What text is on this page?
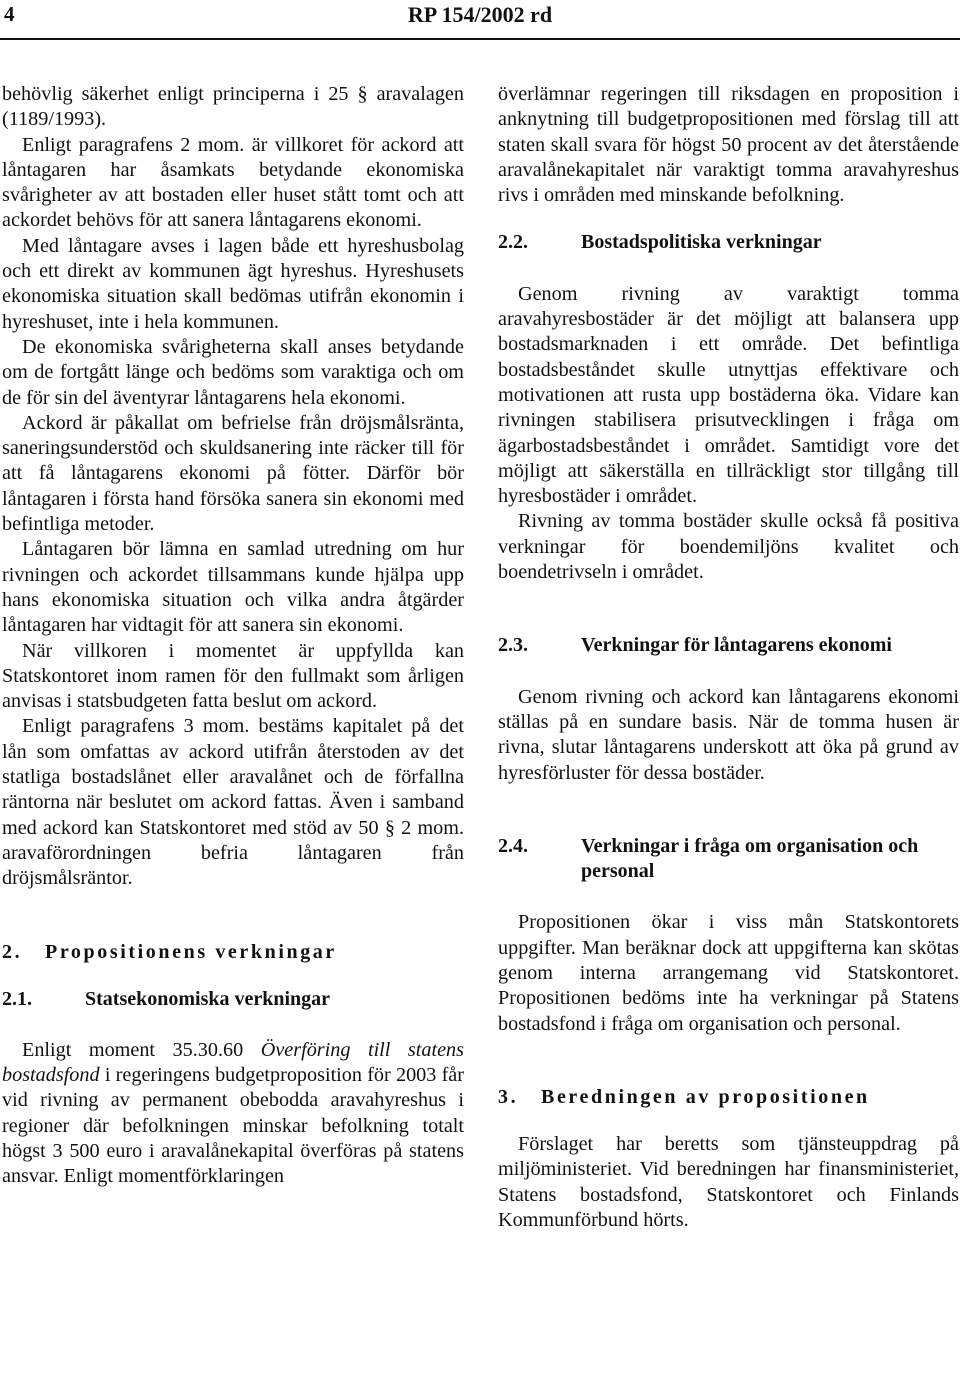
4	RP 154/2002 rd

behövlig säkerhet enligt principerna i 25 § aravalagen (1189/1993).

Enligt paragrafens 2 mom. är villkoret för ackord att låntagaren har åsamkats betydande ekonomiska svårigheter av att bostaden eller huset stått tomt och att ackordet behövs för att sanera låntagarens ekonomi.

Med låntagare avses i lagen både ett hyreshusbolag och ett direkt av kommunen ägt hyreshus. Hyreshusets ekonomiska situation skall bedömas utifrån ekonomin i hyreshuset, inte i hela kommunen.

De ekonomiska svårigheterna skall anses betydande om de fortgått länge och bedöms som varaktiga och om de för sin del äventyrar låntagarens hela ekonomi.

Ackord är påkallat om befrielse från dröjsmålsränta, saneringsunderstöd och skuldsanering inte räcker till för att få låntagarens ekonomi på fötter. Därför bör låntagaren i första hand försöka sanera sin ekonomi med befintliga metoder.

Låntagaren bör lämna en samlad utredning om hur rivningen och ackordet tillsammans kunde hjälpa upp hans ekonomiska situation och vilka andra åtgärder låntagaren har vidtagit för att sanera sin ekonomi.

När villkoren i momentet är uppfyllda kan Statskontoret inom ramen för den fullmakt som årligen anvisas i statsbudgeten fatta beslut om ackord.

Enligt paragrafens 3 mom. bestäms kapitalet på det lån som omfattas av ackord utifrån återstoden av det statliga bostadslånet eller aravalånet och de förfallna räntorna när beslutet om ackord fattas. Även i samband med ackord kan Statskontoret med stöd av 50 § 2 mom. aravaförordningen befria låntagaren från dröjsmålsräntor.

2.   Propositionens verkningar
2.1.	Statsekonomiska verkningar

Enligt moment 35.30.60 Överföring till statens bostadsfond i regeringens budgetproposition för 2003 får vid rivning av permanent obebodda aravahyreshus i regioner där befolkningen minskar befolkning totalt högst 3 500 euro i aravalånekapital överföras på statens ansvar. Enligt momentförklaringen

överlämnar regeringen till riksdagen en proposition i anknytning till budgetpropositionen med förslag till att staten skall svara för högst 50 procent av det återstående aravalånekapitalet när varaktigt tomma aravahyreshus rivs i områden med minskande befolkning.

2.2.	Bostadspolitiska verkningar

Genom rivning av varaktigt tomma aravahyresbostäder är det möjligt att balansera upp bostadsmarknaden i ett område. Det befintliga bostadsbeståndet skulle utnyttjas effektivare och motivationen att rusta upp bostäderna öka. Vidare kan rivningen stabilisera prisutvecklingen i fråga om ägarbostadsbeståndet i området. Samtidigt vore det möjligt att säkerställa en tillräckligt stor tillgång till hyresbostäder i området.

Rivning av tomma bostäder skulle också få positiva verkningar för boendemiljöns kvalitet och boendetrivseln i området.

2.3.	Verkningar för låntagarens ekonomi

Genom rivning och ackord kan låntagarens ekonomi ställas på en sundare basis. När de tomma husen är rivna, slutar låntagarens underskott att öka på grund av hyresförluster för dessa bostäder.

2.4.	Verkningar i fråga om organisation och personal

Propositionen ökar i viss mån Statskontorets uppgifter. Man beräknar dock att uppgifterna kan skötas genom interna arrangemang vid Statskontoret. Propositionen bedöms inte ha verkningar på Statens bostadsfond i fråga om organisation och personal.

3.   Beredningen av propositionen

Förslaget har beretts som tjänsteuppdrag på miljöministeriet. Vid beredningen har finansministeriet, Statens bostadsfond, Statskontoret och Finlands Kommunförbund hörts.
